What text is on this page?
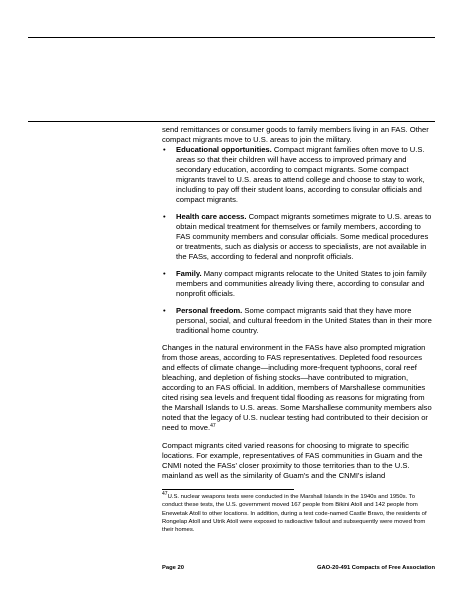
send remittances or consumer goods to family members living in an FAS. Other compact migrants move to U.S. areas to join the military.

• Educational opportunities. Compact migrant families often move to U.S. areas so that their children will have access to improved primary and secondary education, according to compact migrants. Some compact migrants travel to U.S. areas to attend college and choose to stay to work, including to pay off their student loans, according to consular officials and compact migrants.
• Health care access. Compact migrants sometimes migrate to U.S. areas to obtain medical treatment for themselves or family members, according to FAS community members and consular officials. Some medical procedures or treatments, such as dialysis or access to specialists, are not available in the FASs, according to federal and nonprofit officials.
• Family. Many compact migrants relocate to the United States to join family members and communities already living there, according to consular and nonprofit officials.
• Personal freedom. Some compact migrants said that they have more personal, social, and cultural freedom in the United States than in their more traditional home country.

Changes in the natural environment in the FASs have also prompted migration from those areas, according to FAS representatives. Depleted food resources and effects of climate change—including more-frequent typhoons, coral reef bleaching, and depletion of fishing stocks—have contributed to migration, according to an FAS official. In addition, members of Marshallese communities cited rising sea levels and frequent tidal flooding as reasons for migrating from the Marshall Islands to U.S. areas. Some Marshallese community members also noted that the legacy of U.S. nuclear testing had contributed to their decision or need to move.$^{47}$

Compact migrants cited varied reasons for choosing to migrate to specific locations. For example, representatives of FAS communities in Guam and the CNMI noted the FASs' closer proximity to those territories than to the U.S. mainland as well as the similarity of Guam's and the CNMI's island

$^{47}$U.S. nuclear weapons tests were conducted in the Marshall Islands in the 1940s and 1950s. To conduct these tests, the U.S. government moved 167 people from Bikini Atoll and 142 people from Enewetak Atoll to other locations. In addition, during a test code-named Castle Bravo, the residents of Rongelap Atoll and Utrik Atoll were exposed to radioactive fallout and subsequently were moved from their homes.

Page 20	GAO-20-491 Compacts of Free Association
